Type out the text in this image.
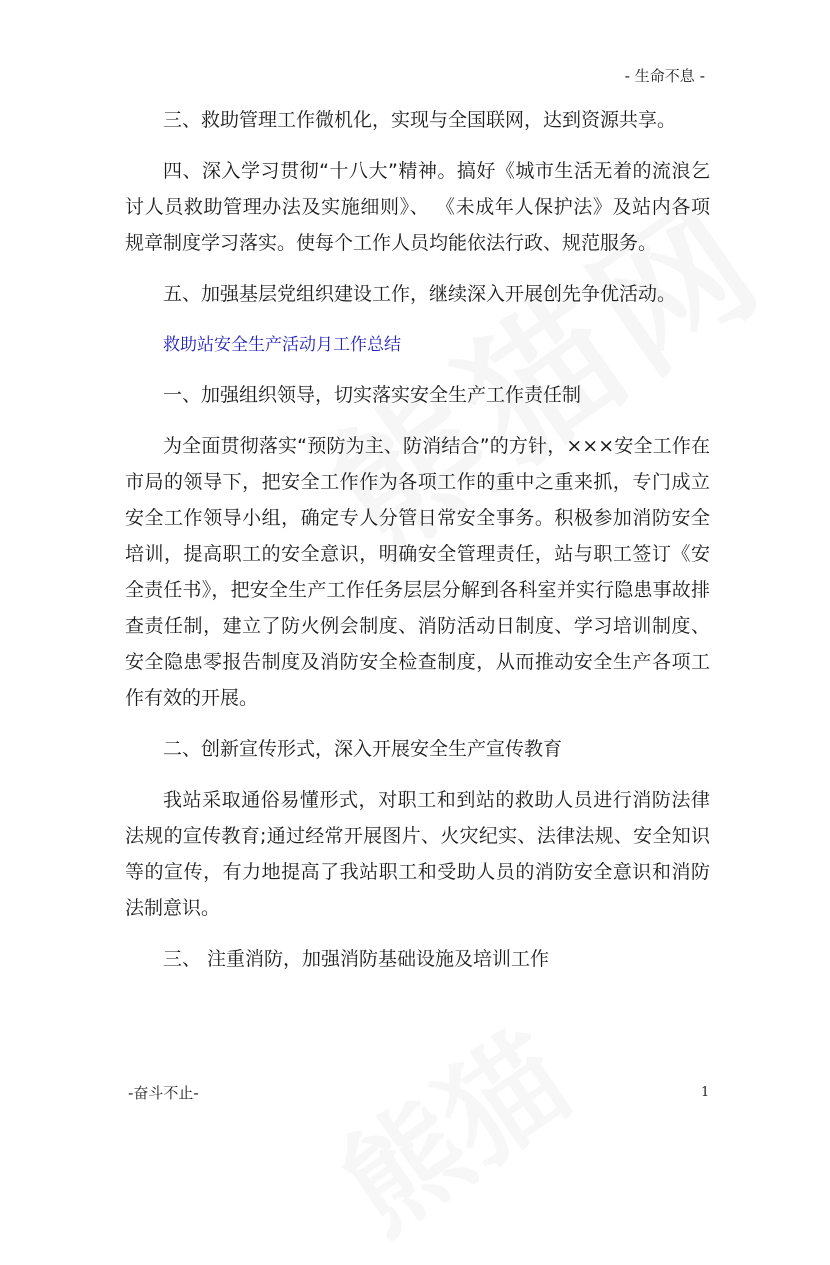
- 生命不息 -

三、救助管理工作微机化，实现与全国联网，达到资源共享。

四、深入学习贯彻“十八大”精神。搞好《城市生活无着的流浪乞讨人员救助管理办法及实施细则》、 《未成年人保护法》及站内各项规章制度学习落实。使每个工作人员均能依法行政、规范服务。

五、加强基层党组织建设工作，继续深入开展创先争优活动。

救助站安全生产活动月工作总结

一、加强组织领导，切实落实安全生产工作责任制

为全面贯彻落实“预防为主、防消结合”的方针，×××安全工作在市局的领导下，把安全工作作为各项工作的重中之重来抓，专门成立安全工作领导小组，确定专人分管日常安全事务。积极参加消防安全培训，提高职工的安全意识，明确安全管理责任，站与职工签订《安全责任书》，把安全生产工作任务层层分解到各科室并实行隐患事故排查责任制，建立了防火例会制度、消防活动日制度、学习培训制度、安全隐患零报告制度及消防安全检查制度，从而推动安全生产各项工作有效的开展。

二、创新宣传形式，深入开展安全生产宣传教育

我站采取通俗易懂形式，对职工和到站的救助人员进行消防法律法规的宣传教育;通过经常开展图片、火灾纪实、法律法规、安全知识等的宣传，有力地提高了我站职工和受助人员的消防安全意识和消防法制意识。

三、 注重消防，加强消防基础设施及培训工作

-奋斗不止-	1
